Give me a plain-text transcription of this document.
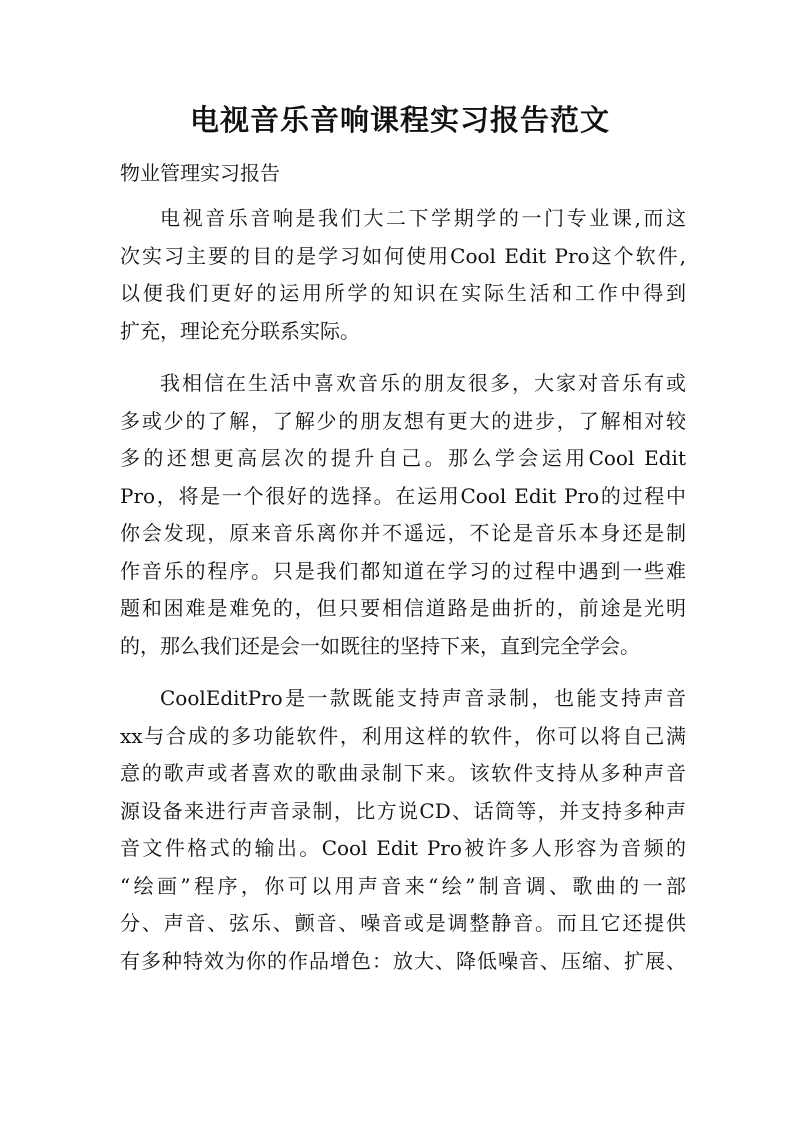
电视音乐音响课程实习报告范文

物业管理实习报告

电视音乐音响是我们大二下学期学的一门专业课,而这
次实习主要的目的是学习如何使用Cool Edit Pro这个软件,
以便我们更好的运用所学的知识在实际生活和工作中得到
扩充，理论充分联系实际。
我相信在生活中喜欢音乐的朋友很多，大家对音乐有或
多或少的了解，了解少的朋友想有更大的进步，了解相对较
多的还想更高层次的提升自己。那么学会运用Cool Edit
Pro，将是一个很好的选择。在运用Cool Edit Pro的过程中
你会发现，原来音乐离你并不遥远，不论是音乐本身还是制
作音乐的程序。只是我们都知道在学习的过程中遇到一些难
题和困难是难免的，但只要相信道路是曲折的，前途是光明
的，那么我们还是会一如既往的坚持下来，直到完全学会。
CoolEditPro是一款既能支持声音录制，也能支持声音
xx与合成的多功能软件，利用这样的软件，你可以将自己满
意的歌声或者喜欢的歌曲录制下来。该软件支持从多种声音
源设备来进行声音录制，比方说CD、话筒等，并支持多种声
音文件格式的输出。Cool Edit Pro被许多人形容为音频的
“绘画”程序，你可以用声音来“绘”制音调、歌曲的一部
分、声音、弦乐、颤音、噪音或是调整静音。而且它还提供
有多种特效为你的作品增色：放大、降低噪音、压缩、扩展、
